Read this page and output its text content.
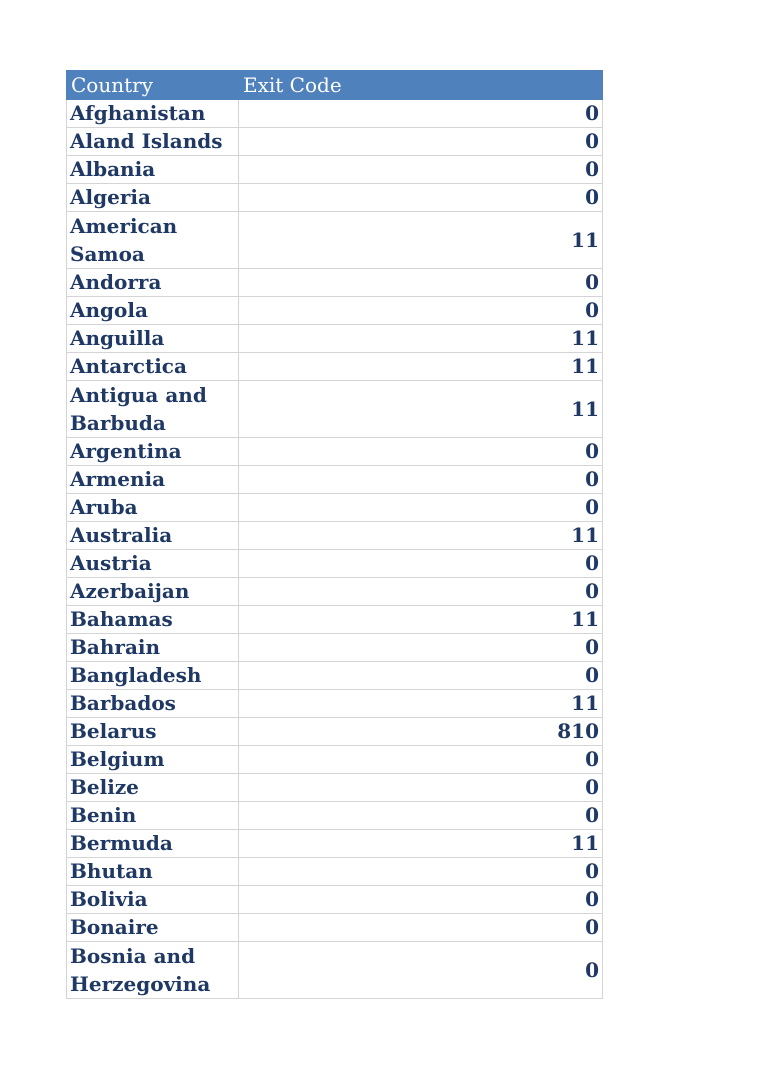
Country	Exit Code
Afghanistan	0
Aland Islands	0
Albania	0
Algeria	0
American
Samoa	11
Andorra	0
Angola	0
Anguilla	11
Antarctica	11
Antigua and
Barbuda	11
Argentina	0
Armenia	0
Aruba	0
Australia	11
Austria	0
Azerbaijan	0
Bahamas	11
Bahrain	0
Bangladesh	0
Barbados	11
Belarus	810
Belgium	0
Belize	0
Benin	0
Bermuda	11
Bhutan	0
Bolivia	0
Bonaire	0
Bosnia and
Herzegovina	0
